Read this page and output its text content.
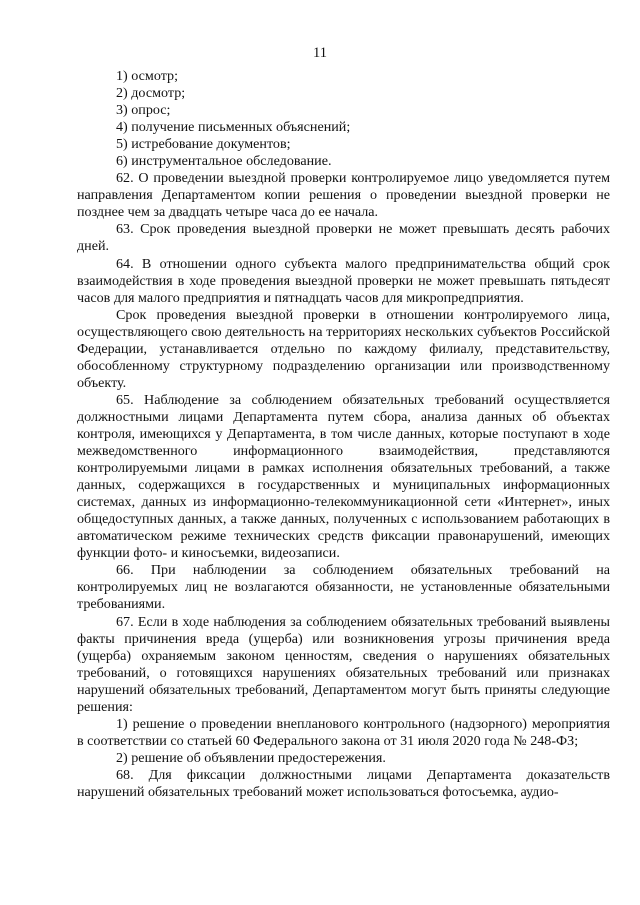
11

1) осмотр;

2) досмотр;

3) опрос;

4) получение письменных объяснений;

5) истребование документов;

6) инструментальное обследование.

62. О проведении выездной проверки контролируемое лицо уведомляется путем направления Департаментом копии решения о проведении выездной проверки не позднее чем за двадцать четыре часа до ее начала.

63. Срок проведения выездной проверки не может превышать десять рабочих дней.

64. В отношении одного субъекта малого предпринимательства общий срок взаимодействия в ходе проведения выездной проверки не может превышать пятьдесят часов для малого предприятия и пятнадцать часов для микропредприятия.

Срок проведения выездной проверки в отношении контролируемого лица, осуществляющего свою деятельность на территориях нескольких субъектов Российской Федерации, устанавливается отдельно по каждому филиалу, представительству, обособленному структурному подразделению организации или производственному объекту.

65. Наблюдение за соблюдением обязательных требований осуществляется должностными лицами Департамента путем сбора, анализа данных об объектах контроля, имеющихся у Департамента, в том числе данных, которые поступают в ходе межведомственного информационного взаимодействия, представляются контролируемыми лицами в рамках исполнения обязательных требований, а также данных, содержащихся в государственных и муниципальных информационных системах, данных из информационно-телекоммуникационной сети «Интернет», иных общедоступных данных, а также данных, полученных с использованием работающих в автоматическом режиме технических средств фиксации правонарушений, имеющих функции фото- и киносъемки, видеозаписи.

66. При наблюдении за соблюдением обязательных требований на контролируемых лиц не возлагаются обязанности, не установленные обязательными требованиями.

67. Если в ходе наблюдения за соблюдением обязательных требований выявлены факты причинения вреда (ущерба) или возникновения угрозы причинения вреда (ущерба) охраняемым законом ценностям, сведения о нарушениях обязательных требований, о готовящихся нарушениях обязательных требований или признаках нарушений обязательных требований, Департаментом могут быть приняты следующие решения:

1) решение о проведении внепланового контрольного (надзорного) мероприятия в соответствии со статьей 60 Федерального закона от 31 июля 2020 года № 248-ФЗ;

2) решение об объявлении предостережения.

68. Для фиксации должностными лицами Департамента доказательств нарушений обязательных требований может использоваться фотосъемка, аудио-
